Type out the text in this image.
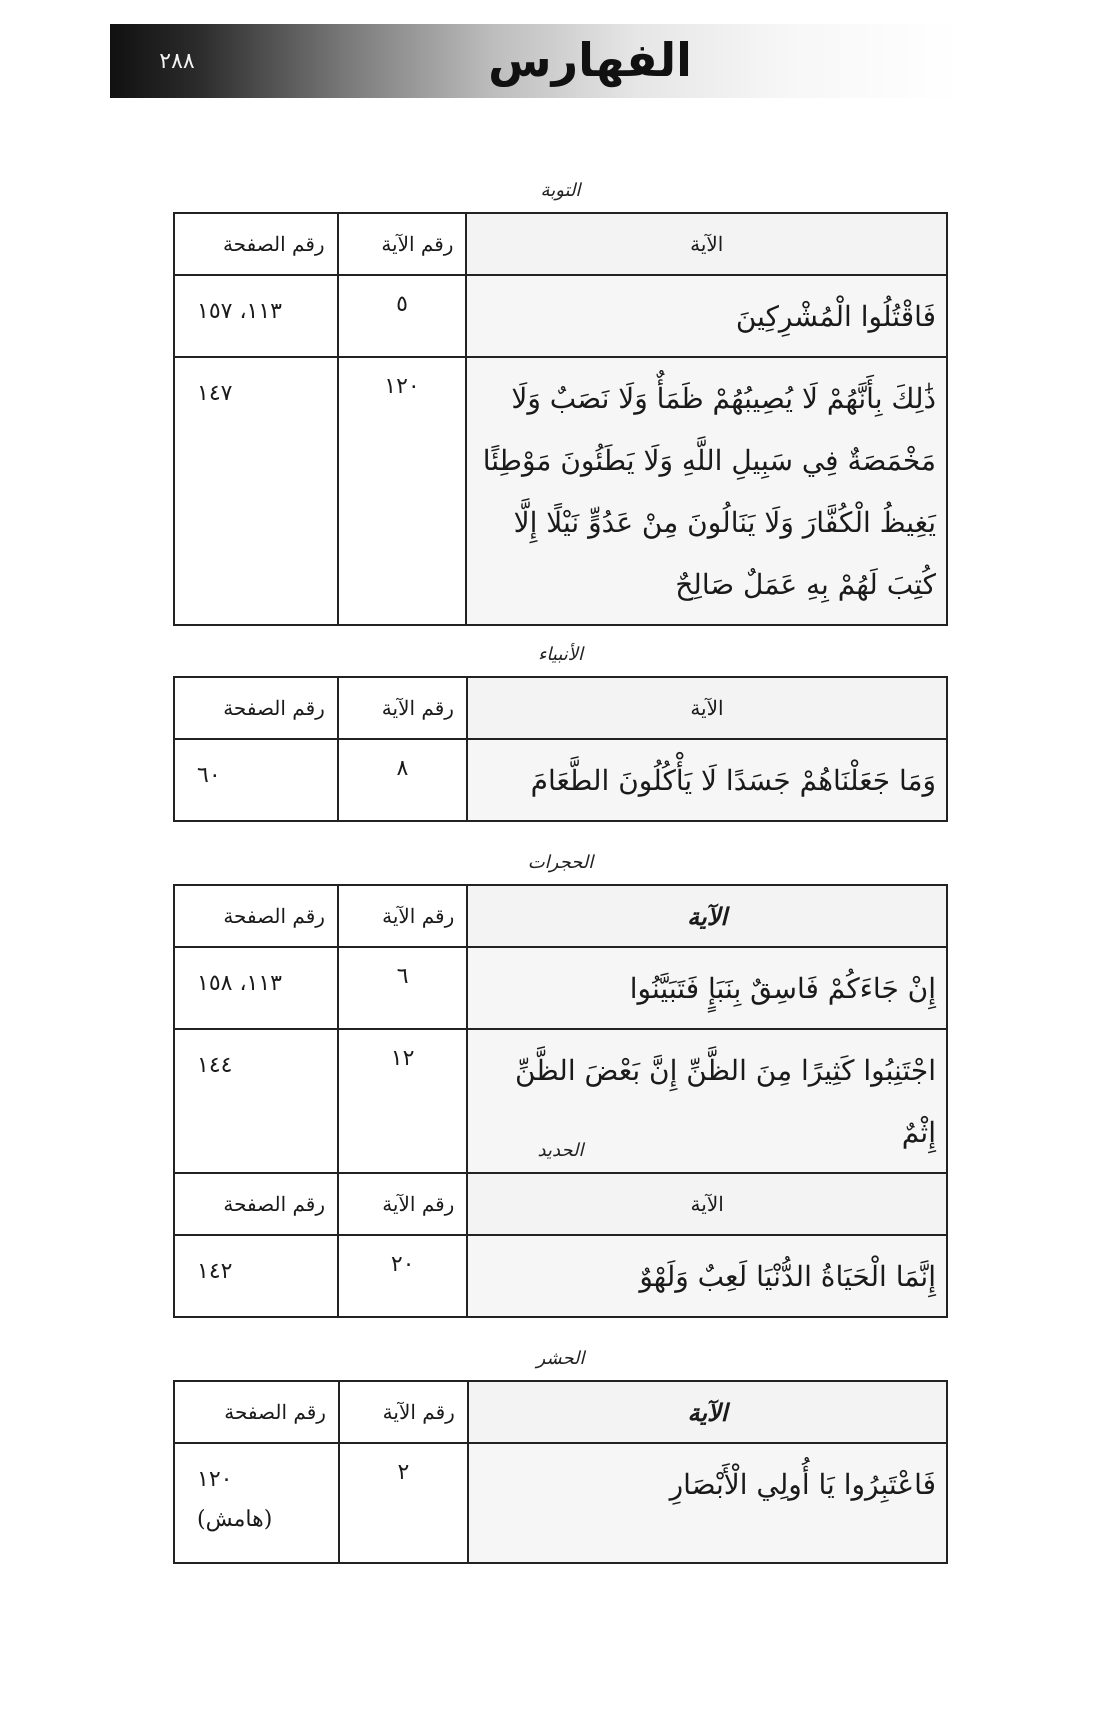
٢٨٨	الفهارس
التوبة
الآية	رقم الآية	رقم الصفحة
فَاقْتُلُوا الْمُشْرِكِينَ	٥	١١٣، ١٥٧
ذَٰلِكَ بِأَنَّهُمْ لَا يُصِيبُهُمْ ظَمَأٌ وَلَا نَصَبٌ وَلَا مَخْمَصَةٌ فِي سَبِيلِ اللَّهِ وَلَا يَطَئُونَ مَوْطِئًا يَغِيظُ الْكُفَّارَ وَلَا يَنَالُونَ مِنْ عَدُوٍّ نَيْلًا إِلَّا كُتِبَ لَهُمْ بِهِ عَمَلٌ صَالِحٌ	١٢٠	١٤٧
الأنبياء
الآية	رقم الآية	رقم الصفحة
وَمَا جَعَلْنَاهُمْ جَسَدًا لَا يَأْكُلُونَ الطَّعَامَ	٨	٦٠
الحجرات
الآية	رقم الآية	رقم الصفحة
إِنْ جَاءَكُمْ فَاسِقٌ بِنَبَإٍ فَتَبَيَّنُوا	٦	١١٣، ١٥٨
اجْتَنِبُوا كَثِيرًا مِنَ الظَّنِّ إِنَّ بَعْضَ الظَّنِّ إِثْمٌ	١٢	١٤٤
الحديد
الآية	رقم الآية	رقم الصفحة
إِنَّمَا الْحَيَاةُ الدُّنْيَا لَعِبٌ وَلَهْوٌ	٢٠	١٤٢
الحشر
الآية	رقم الآية	رقم الصفحة
فَاعْتَبِرُوا يَا أُولِي الْأَبْصَارِ	٢	١٢٠
(هامش)
